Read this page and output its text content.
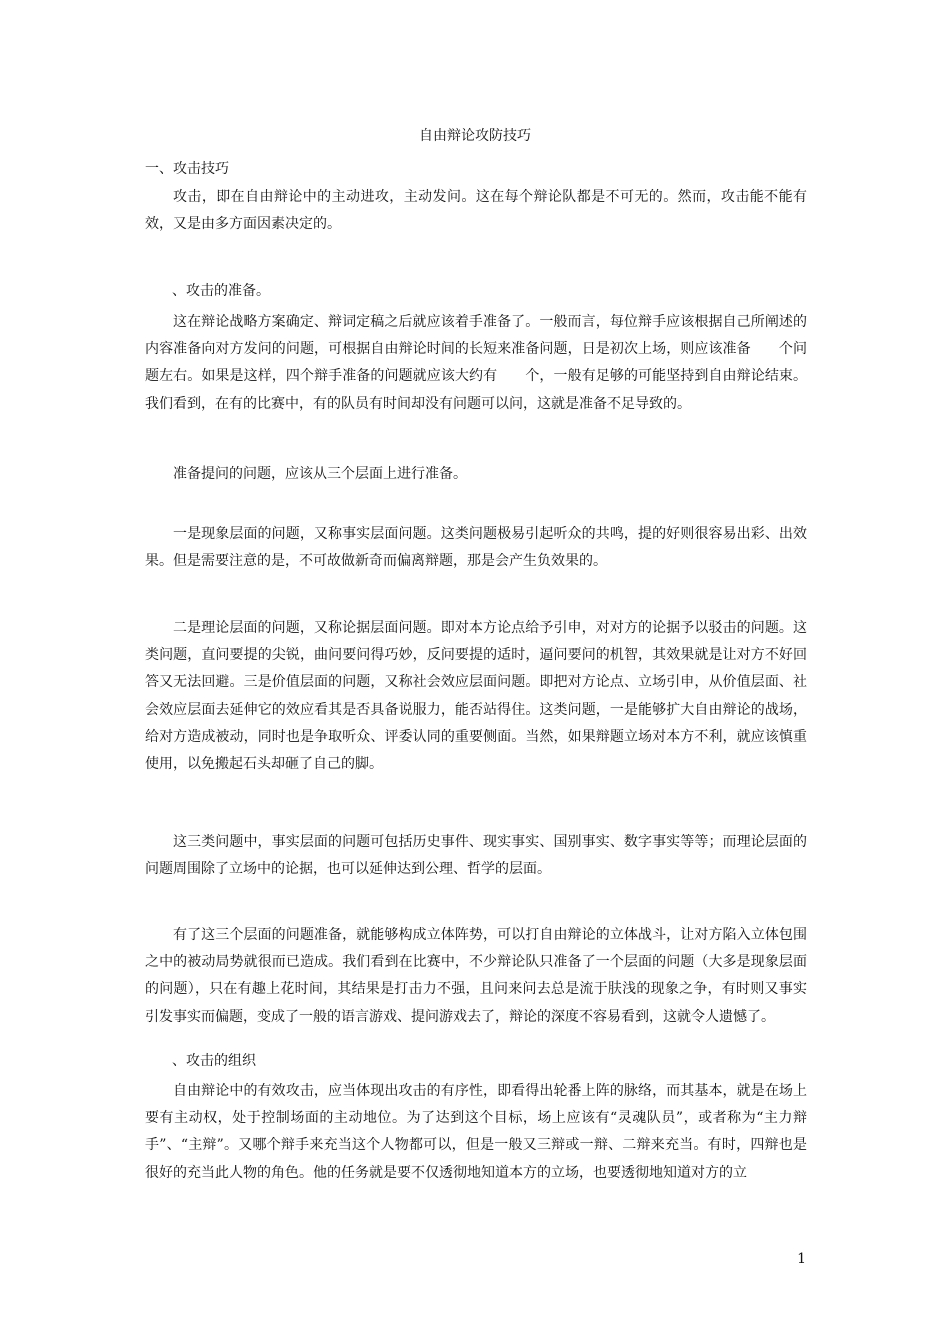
自由辩论攻防技巧
一、攻击技巧
攻击，即在自由辩论中的主动进攻，主动发问。这在每个辩论队都是不可无的。然而，攻击能不能有效，又是由多方面因素决定的。
、攻击的准备。
这在辩论战略方案确定、辩词定稿之后就应该着手准备了。一般而言，每位辩手应该根据自己所阐述的内容准备向对方发问的问题，可根据自由辩论时间的长短来准备问题，日是初次上场，则应该准备　　个问题左右。如果是这样，四个辩手准备的问题就应该大约有　　个，一般有足够的可能坚持到自由辩论结束。我们看到，在有的比赛中，有的队员有时间却没有问题可以问，这就是准备不足导致的。
准备提问的问题，应该从三个层面上进行准备。
一是现象层面的问题，又称事实层面问题。这类问题极易引起听众的共鸣，提的好则很容易出彩、出效果。但是需要注意的是，不可故做新奇而偏离辩题，那是会产生负效果的。
二是理论层面的问题，又称论据层面问题。即对本方论点给予引申，对对方的论据予以驳击的问题。这类问题，直问要提的尖锐，曲问要问得巧妙，反问要提的适时，逼问要问的机智，其效果就是让对方不好回答又无法回避。三是价值层面的问题，又称社会效应层面问题。即把对方论点、立场引申，从价值层面、社会效应层面去延伸它的效应看其是否具备说服力，能否站得住。这类问题，一是能够扩大自由辩论的战场，给对方造成被动，同时也是争取听众、评委认同的重要侧面。当然，如果辩题立场对本方不利，就应该慎重使用，以免搬起石头却砸了自己的脚。
这三类问题中，事实层面的问题可包括历史事件、现实事实、国别事实、数字事实等等；而理论层面的问题周围除了立场中的论据，也可以延伸达到公理、哲学的层面。
有了这三个层面的问题准备，就能够构成立体阵势，可以打自由辩论的立体战斗，让对方陷入立体包围之中的被动局势就很而已造成。我们看到在比赛中，不少辩论队只准备了一个层面的问题（大多是现象层面的问题），只在有趣上花时间，其结果是打击力不强，且问来问去总是流于肤浅的现象之争，有时则又事实引发事实而偏题，变成了一般的语言游戏、提问游戏去了，辩论的深度不容易看到，这就令人遗憾了。
、攻击的组织
自由辩论中的有效攻击，应当体现出攻击的有序性，即看得出轮番上阵的脉络，而其基本，就是在场上要有主动权，处于控制场面的主动地位。为了达到这个目标，场上应该有“灵魂队员”，或者称为“主力辩手”、“主辩”。又哪个辩手来充当这个人物都可以，但是一般又三辩或一辩、二辩来充当。有时，四辩也是很好的充当此人物的角色。他的任务就是要不仅透彻地知道本方的立场，也要透彻地知道对方的立
1
